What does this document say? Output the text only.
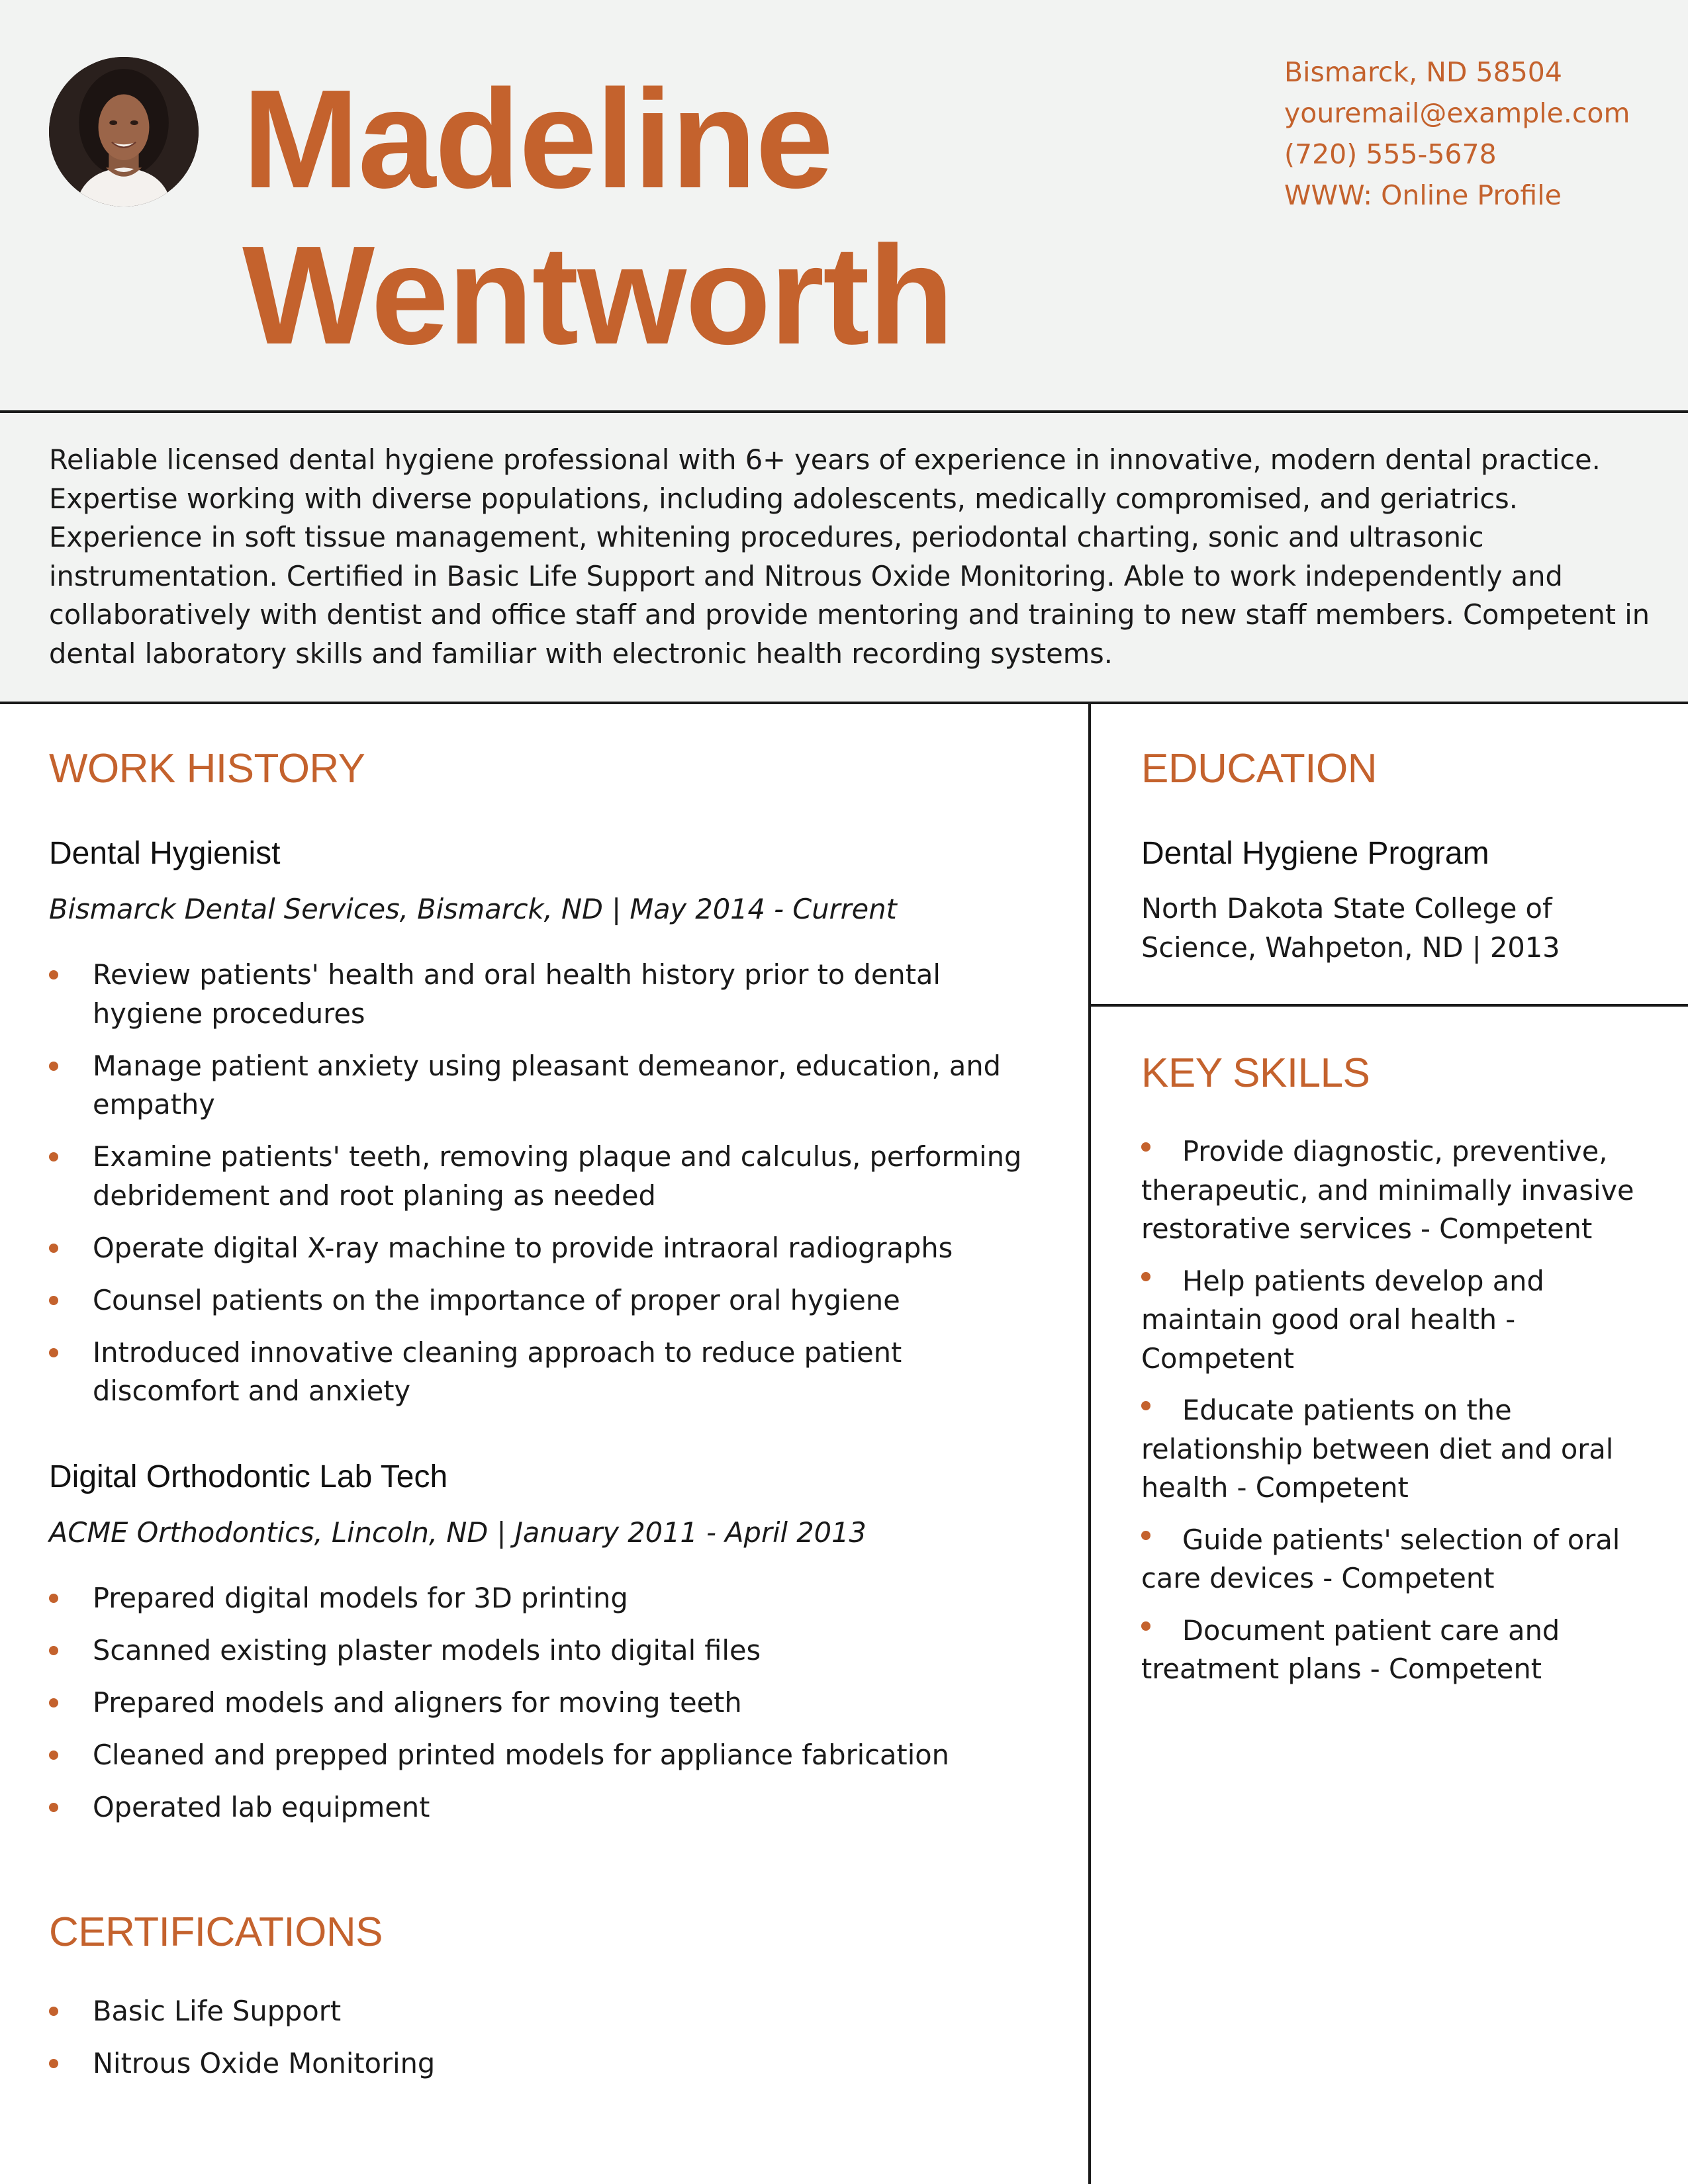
Madeline
Wentworth
Bismarck, ND 58504
youremail@example.com
(720) 555-5678
WWW: Online Profile

Reliable licensed dental hygiene professional with 6+ years of experience in innovative, modern dental practice. Expertise working with diverse populations, including adolescents, medically compromised, and geriatrics. Experience in soft tissue management, whitening procedures, periodontal charting, sonic and ultrasonic instrumentation. Certified in Basic Life Support and Nitrous Oxide Monitoring. Able to work independently and collaboratively with dentist and office staff and provide mentoring and training to new staff members. Competent in dental laboratory skills and familiar with electronic health recording systems.

WORK HISTORY
Dental Hygienist

Bismarck Dental Services, Bismarck, ND | May 2014 - Current

Review patients' health and oral health history prior to dental hygiene procedures
Manage patient anxiety using pleasant demeanor, education, and empathy
Examine patients' teeth, removing plaque and calculus, performing debridement and root planing as needed
Operate digital X-ray machine to provide intraoral radiographs
Counsel patients on the importance of proper oral hygiene
Introduced innovative cleaning approach to reduce patient discomfort and anxiety
Digital Orthodontic Lab Tech

ACME Orthodontics, Lincoln, ND | January 2011 - April 2013

Prepared digital models for 3D printing
Scanned existing plaster models into digital files
Prepared models and aligners for moving teeth
Cleaned and prepped printed models for appliance fabrication
Operated lab equipment
CERTIFICATIONS
Basic Life Support
Nitrous Oxide Monitoring
EDUCATION
Dental Hygiene Program

North Dakota State College of Science, Wahpeton, ND | 2013

KEY SKILLS
Provide diagnostic, preventive, therapeutic, and minimally invasive restorative services - Competent
Help patients develop and maintain good oral health - Competent
Educate patients on the relationship between diet and oral health - Competent
Guide patients' selection of oral care devices - Competent
Document patient care and treatment plans - Competent
